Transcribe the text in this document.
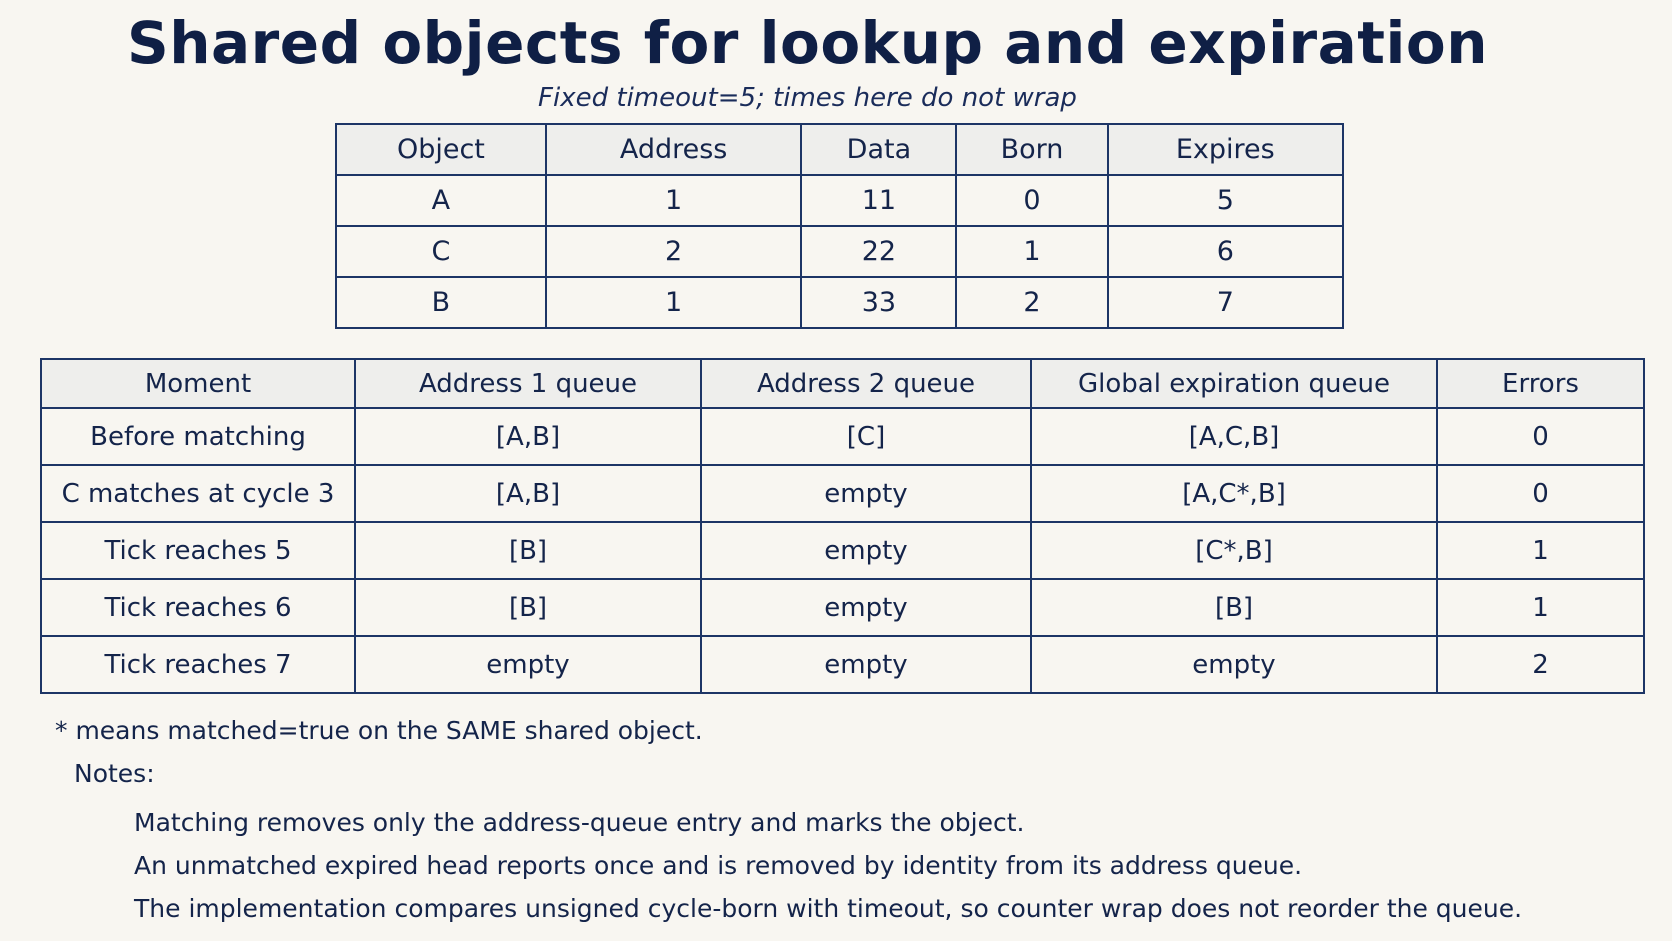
Shared objects for lookup and expiration
Fixed timeout=5; times here do not wrap
Object	Address	Data	Born	Expires
A	1	11	0	5
C	2	22	1	6
B	1	33	2	7
Moment	Address 1 queue	Address 2 queue	Global expiration queue	Errors
Before matching	[A,B]	[C]	[A,C,B]	0
C matches at cycle 3	[A,B]	empty	[A,C*,B]	0
Tick reaches 5	[B]	empty	[C*,B]	1
Tick reaches 6	[B]	empty	[B]	1
Tick reaches 7	empty	empty	empty	2
* means matched=true on the SAME shared object.
Notes:
Matching removes only the address-queue entry and marks the object.
An unmatched expired head reports once and is removed by identity from its address queue.
The implementation compares unsigned cycle-born with timeout, so counter wrap does not reorder the queue.
